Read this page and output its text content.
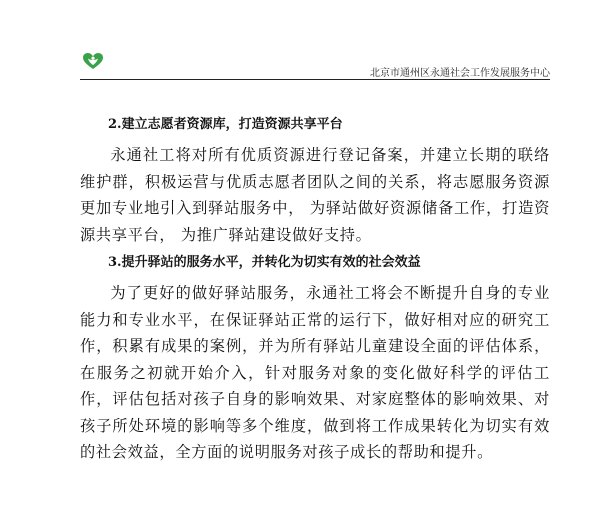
北京市通州区永通社会工作发展服务中心
2.建立志愿者资源库，打造资源共享平台

永通社工将对所有优质资源进行登记备案，并建立长期的联络维护群，积极运营与优质志愿者团队之间的关系，将志愿服务资源更加专业地引入到驿站服务中， 为驿站做好资源储备工作，打造资源共享平台， 为推广驿站建设做好支持。

3.提升驿站的服务水平，并转化为切实有效的社会效益

为了更好的做好驿站服务，永通社工将会不断提升自身的专业能力和专业水平，在保证驿站正常的运行下，做好相对应的研究工作，积累有成果的案例，并为所有驿站儿童建设全面的评估体系，在服务之初就开始介入，针对服务对象的变化做好科学的评估工作，评估包括对孩子自身的影响效果、对家庭整体的影响效果、对孩子所处环境的影响等多个维度，做到将工作成果转化为切实有效的社会效益，全方面的说明服务对孩子成长的帮助和提升。
